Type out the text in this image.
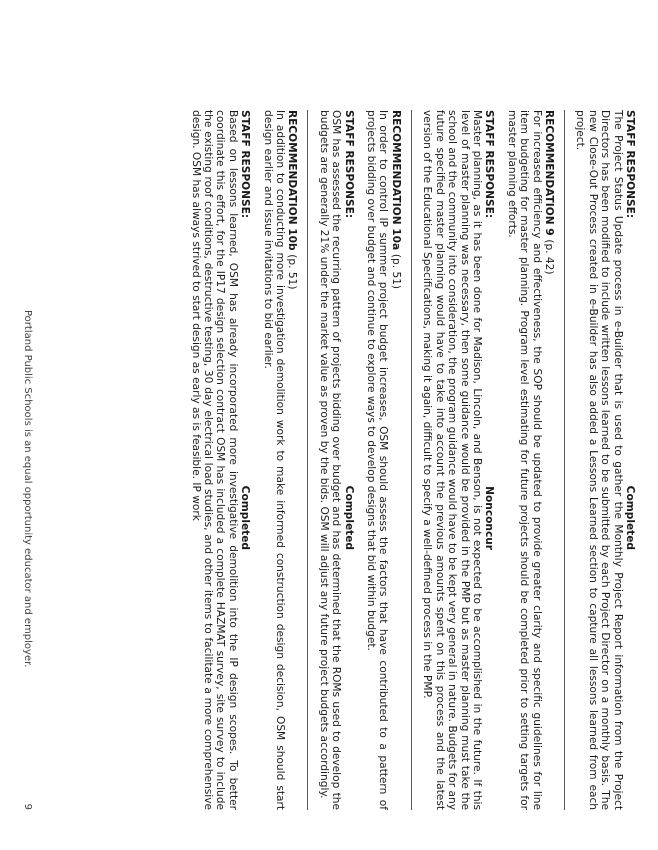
STAFF RESPONSE:
Completed

The Project Status Update process in e-Builder that is used to gather the Monthly Project Report information from the Project Directors has been modified to include written lessons learned to be submitted by each Project Director on a monthly basis. The new Close-Out Process created in e-Builder has also added a Lessons Learned section to capture all lessons learned from each project.

RECOMMENDATION 9 (p. 42)

For increased efficiency and effectiveness, the SOP should be updated to provide greater clarity and specific guidelines for line item budgeting for master planning. Program level estimating for future projects should be completed prior to setting targets for master planning efforts.

STAFF RESPONSE:
Nonconcur

Master planning, as it has been done for Madison, Lincoln, and Benson, is not expected to be accomplished in the future. If this level of master planning was necessary, then some guidance would be provided in the PMP but as master planning must take the school and the community into consideration, the program guidance would have to be kept very general in nature. Budgets for any future specified master planning would have to take into account the previous amounts spent on this process and the latest version of the Educational Specifications, making it again, difficult to specify a well-defined process in the PMP.

RECOMMENDATION 10a (p. 51)

In order to control IP summer project budget increases, OSM should assess the factors that have contributed to a pattern of projects bidding over budget and continue to explore ways to develop designs that bid within budget.

STAFF RESPONSE:
Completed

OSM has assessed the recurring pattern of projects bidding over budget and has determined that the ROMs used to develop the budgets are generally 21% under the market value as proven by the bids. OSM will adjust any future project budgets accordingly.

RECOMMENDATION 10b (p. 51)

In addition to conducting more investigation demolition work to make informed construction design decision, OSM should start design earlier and issue invitations to bid earlier.

STAFF RESPONSE:
Completed

Based on lessons learned, OSM has already incorporated more investigative demolition into the IP design scopes. To better coordinate this effort, for the IP17 design selection contract OSM has included a complete HAZMAT survey, site survey to include the existing roof conditions, destructive testing, 30 day electrical load studies, and other items to facilitate a more comprehensive design. OSM has always strived to start design as early as is feasible. IP work

Portland Public Schools is an equal opportunity educator and employer.
9
